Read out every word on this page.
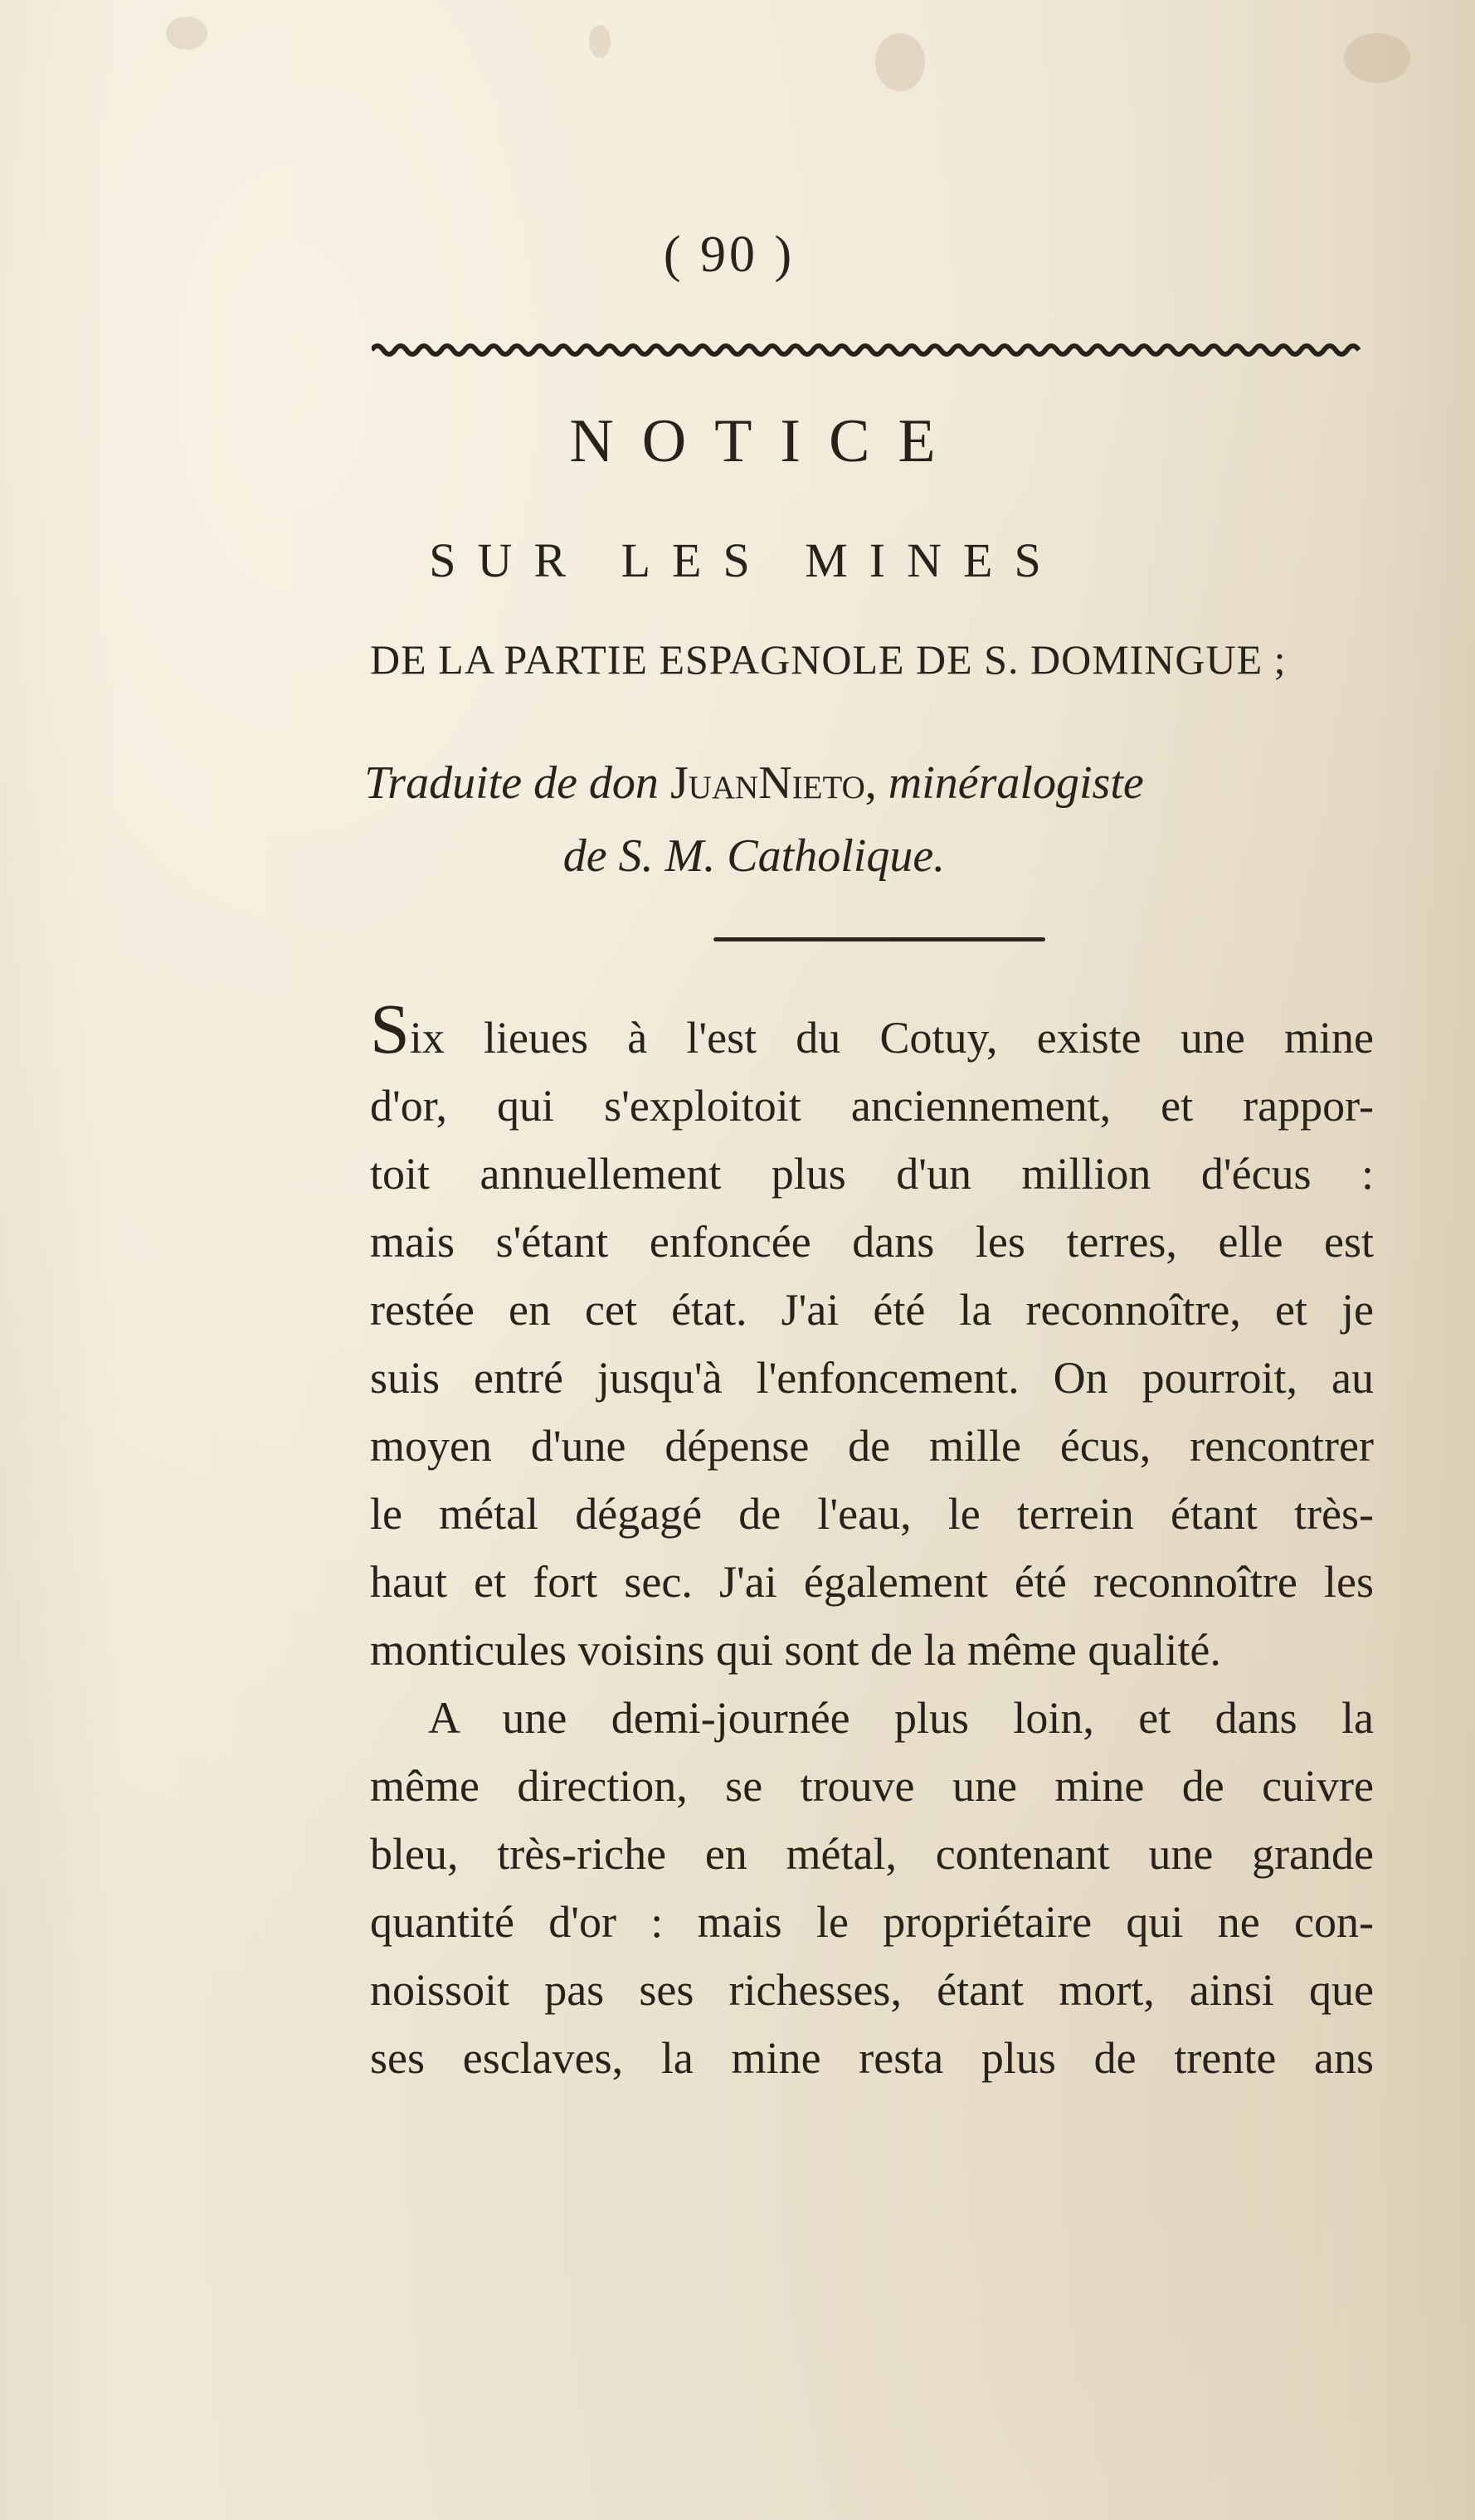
( 90 )
NOTICE
SUR LES MINES
DE LA PARTIE ESPAGNOLE DE S. DOMINGUE ;
Traduite de don JuanNieto, minéralogiste
de S. M. Catholique.
Six lieues à l'est du Cotuy, existe une mine
d'or, qui s'exploitoit anciennement, et rappor-
toit annuellement plus d'un million d'écus :
mais s'étant enfoncée dans les terres, elle est
restée en cet état. J'ai été la reconnoître, et je
suis entré jusqu'à l'enfoncement. On pourroit, au
moyen d'une dépense de mille écus, rencontrer
le métal dégagé de l'eau, le terrein étant très-
haut et fort sec. J'ai également été reconnoître les
monticules voisins qui sont de la même qualité.
A une demi-journée plus loin, et dans la
même direction, se trouve une mine de cuivre
bleu, très-riche en métal, contenant une grande
quantité d'or : mais le propriétaire qui ne con-
noissoit pas ses richesses, étant mort, ainsi que
ses esclaves, la mine resta plus de trente ans
